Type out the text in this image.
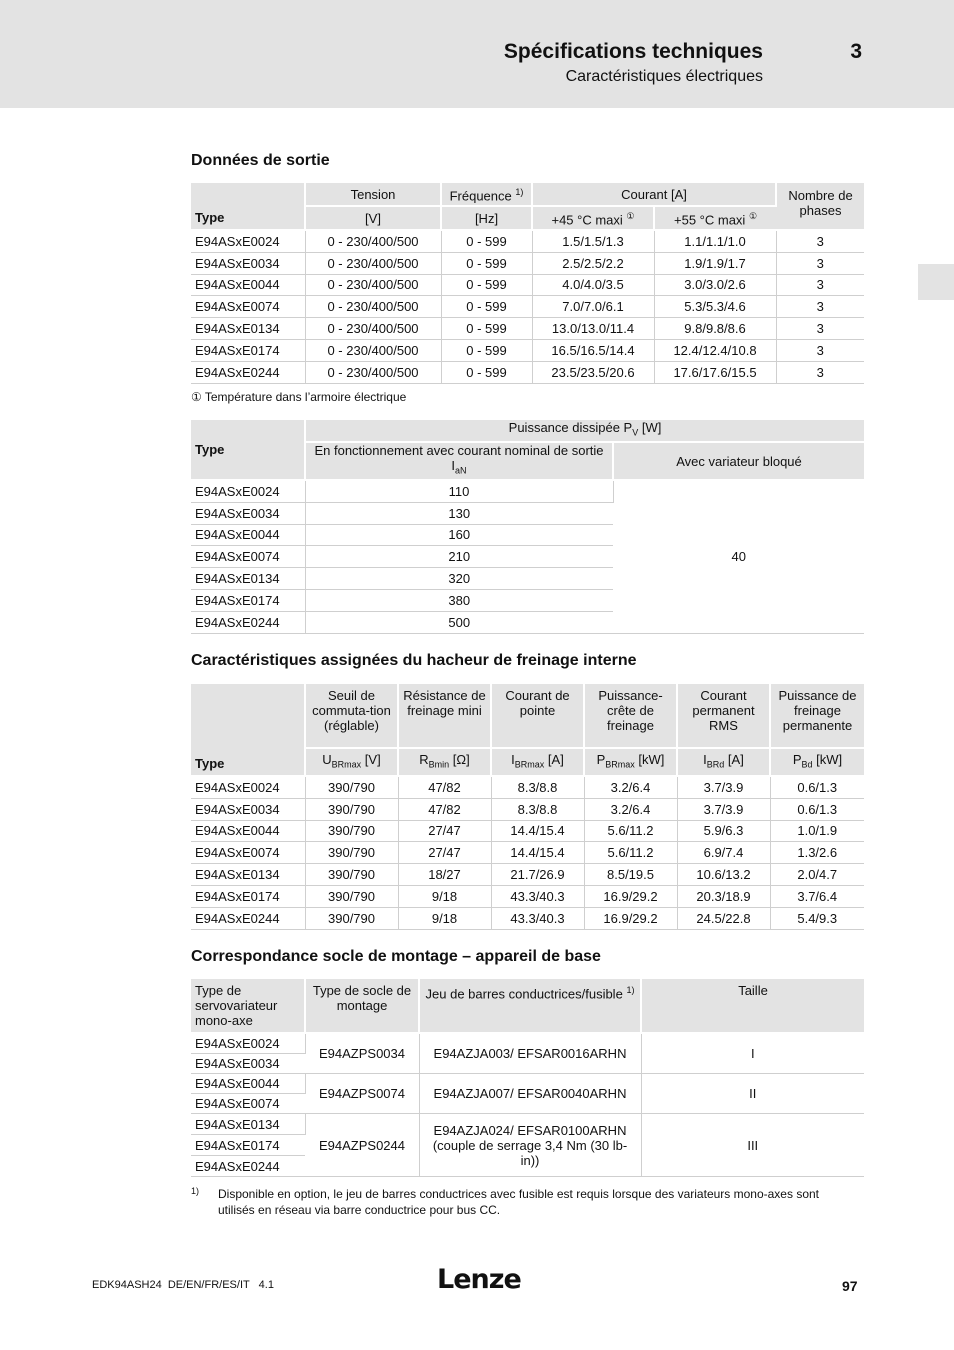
Spécifications techniques	3
Caractéristiques électriques
Données de sortie
Type	Tension	Fréquence $^{1)}$	Courant [A]		Nombre de phases
	[V]	[Hz]	+45 °C maxi ①	+55 °C maxi ①
E94ASxE0024	0 - 230/400/500	0 - 599	1.5/1.5/1.3	1.1/1.1/1.0	3
E94ASxE0034	0 - 230/400/500	0 - 599	2.5/2.5/2.2	1.9/1.9/1.7	3
E94ASxE0044	0 - 230/400/500	0 - 599	4.0/4.0/3.5	3.0/3.0/2.6	3
E94ASxE0074	0 - 230/400/500	0 - 599	7.0/7.0/6.1	5.3/5.3/4.6	3
E94ASxE0134	0 - 230/400/500	0 - 599	13.0/13.0/11.4	9.8/9.8/8.6	3
E94ASxE0174	0 - 230/400/500	0 - 599	16.5/16.5/14.4	12.4/12.4/10.8	3
E94ASxE0244	0 - 230/400/500	0 - 599	23.5/23.5/20.6	17.6/17.6/15.5	3
① Température dans l’armoire électrique
Type	Puissance dissipée $P_V$ [W]	
	En fonctionnement avec courant nominal de sortie $I_{aN}$	Avec variateur bloqué
E94ASxE0024	110	40
E94ASxE0034	130	
E94ASxE0044	160	
E94ASxE0074	210	
E94ASxE0134	320	
E94ASxE0174	380	
E94ASxE0244	500	
Caractéristiques assignées du hacheur de freinage interne
Type	Seuil de commuta-tion (réglable)	Résistance de freinage mini	Courant de pointe	Puissance-crête de freinage	Courant permanent RMS	Puissance de freinage permanente
	$U_{BRmax}$ [V]	$R_{Bmin}$ [Ω]	$I_{BRmax}$ [A]	$P_{BRmax}$ [kW]	$I_{BRd}$ [A]	$P_{Bd}$ [kW]
E94ASxE0024	390/790	47/82	8.3/8.8	3.2/6.4	3.7/3.9	0.6/1.3
E94ASxE0034	390/790	47/82	8.3/8.8	3.2/6.4	3.7/3.9	0.6/1.3
E94ASxE0044	390/790	27/47	14.4/15.4	5.6/11.2	5.9/6.3	1.0/1.9
E94ASxE0074	390/790	27/47	14.4/15.4	5.6/11.2	6.9/7.4	1.3/2.6
E94ASxE0134	390/790	18/27	21.7/26.9	8.5/19.5	10.6/13.2	2.0/4.7
E94ASxE0174	390/790	9/18	43.3/40.3	16.9/29.2	20.3/18.9	3.7/6.4
E94ASxE0244	390/790	9/18	43.3/40.3	16.9/29.2	24.5/22.8	5.4/9.3
Correspondance socle de montage – appareil de base
Type de servovariateur mono-axe	Type de socle de montage	Jeu de barres conductrices/fusible $^{1)}$	Taille
E94ASxE0024	E94AZPS0034	E94AZJA003/ EFSAR0016ARHN	I
E94ASxE0034			
E94ASxE0044	E94AZPS0074	E94AZJA007/ EFSAR0040ARHN	II
E94ASxE0074			
E94ASxE0134	E94AZPS0244	E94AZJA024/ EFSAR0100ARHN (couple de serrage 3,4 Nm (30 lb-in))	III
E94ASxE0174			
E94ASxE0244			
1) Disponible en option, le jeu de barres conductrices avec fusible est requis lorsque des variateurs mono-axes sont utilisés en réseau via barre conductrice pour bus CC.
EDK94ASH24  DE/EN/FR/ES/IT   4.1	Lenze	97
